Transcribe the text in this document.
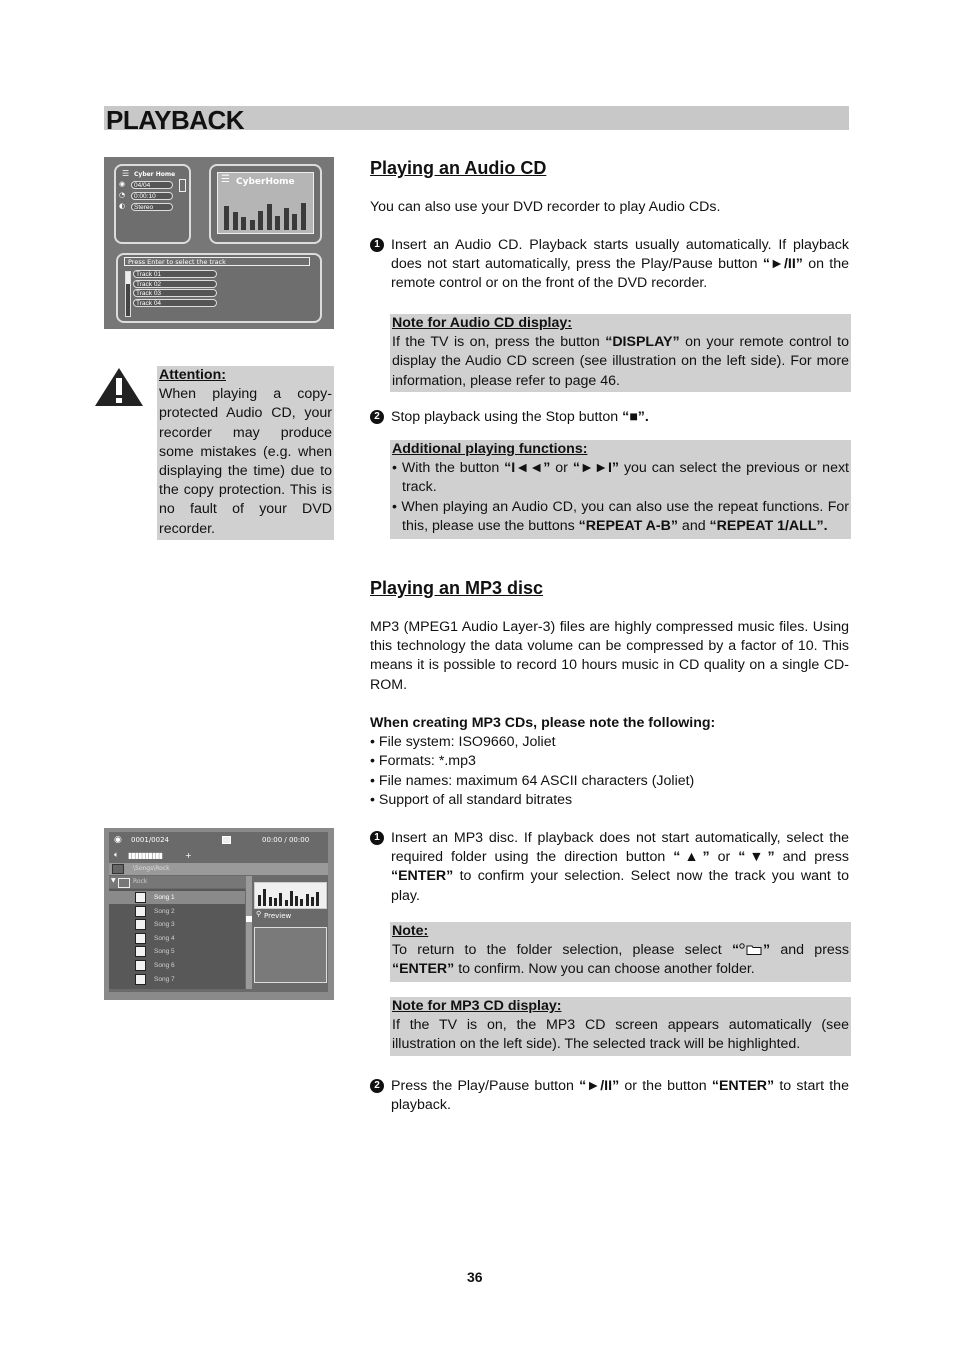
PLAYBACK
Cyber Home
☰
◉	04/04
◔	0:00:10
◐	Stereo
☰ CyberHome
Press Enter to select the track
Track 01
Track 02
Track 03
Track 04
Attention:
When playing a copy-protected Audio CD, your recorder may produce some mistakes (e.g. when displaying the time) due to the copy protection. This is no fault of your DVD recorder.
Playing an Audio CD
You can also use your DVD recorder to play Audio CDs.
1 Insert an Audio CD. Playback starts usually automatically. If playback does not start automatically, press the Play/Pause button “►/II” on the remote control or on the front of the DVD recorder.
Note for Audio CD display:
If the TV is on, press the button “DISPLAY” on your remote control to display the Audio CD screen (see illustration on the left side). For more information, please refer to page 46.
2 Stop playback using the Stop button “■”.
Additional playing functions:
• With the button “I◄◄” or “►►I” you can select the previous or next track.
• When playing an Audio CD, you can also use the repeat functions. For this, please use the buttons “REPEAT A-B” and “REPEAT 1/ALL”.
Playing an MP3 disc
MP3 (MPEG1 Audio Layer-3) files are highly compressed music files. Using this technology the data volume can be compressed by a factor of 10. This means it is possible to record 10 hours music in CD quality on a single CD-ROM.
When creating MP3 CDs, please note the following:
• File system: ISO9660, Joliet
• Formats: *.mp3
• File names: maximum 64 ASCII characters (Joliet)
• Support of all standard bitrates
1 Insert an MP3 disc. If playback does not start automatically, select the required folder using the direction button “▲” or “▼” and press “ENTER” to confirm your selection. Select now the track you want to play.
Note:
To return to the folder selection, please select “ ” and press “ENTER” to confirm. Now you can choose another folder.
Note for MP3 CD display:
If the TV is on, the MP3 CD screen appears automatically (see illustration on the left side). The selected track will be highlighted.
2 Press the Play/Pause button “►/II” or the button “ENTER” to start the playback.
◉ 0001/0024	00:00 / 00:00
🔈︎ ▮▮▮▮▮▮▮▮▮▮	+
\Songs\Rock
▼	Rock
Song 1
Song 2
Song 3
Song 4
Song 5
Song 6
Song 7
⚲ Preview
36
